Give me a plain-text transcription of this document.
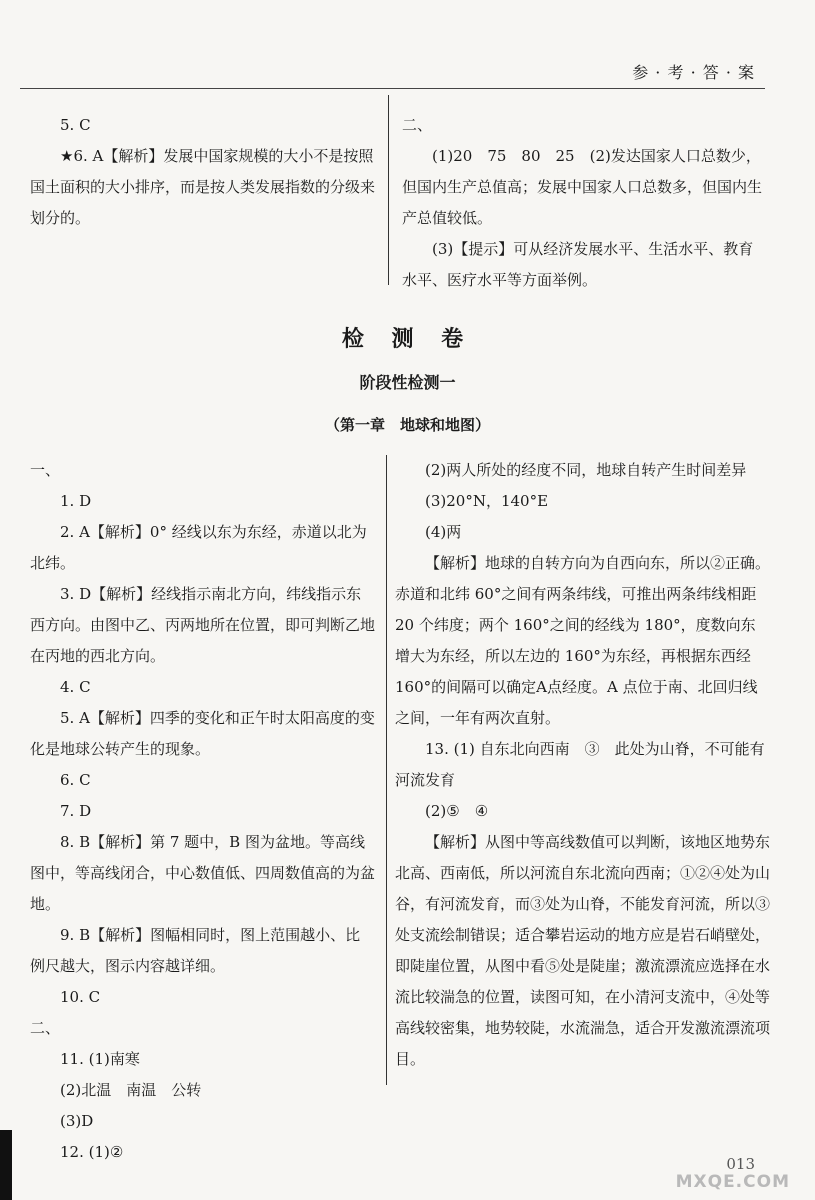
参 · 考 · 答 · 案

5. C

★6. A【解析】发展中国家规模的大小不是按照国土面积的大小排序，而是按人类发展指数的分级来划分的。

二、

(1)20　75　80　25　(2)发达国家人口总数少，但国内生产总值高；发展中国家人口总数多，但国内生产总值较低。

(3)【提示】可从经济发展水平、生活水平、教育水平、医疗水平等方面举例。

检 测 卷
阶段性检测一
（第一章　地球和地图）

一、

1. D

2. A【解析】0° 经线以东为东经，赤道以北为北纬。

3. D【解析】经线指示南北方向，纬线指示东西方向。由图中乙、丙两地所在位置，即可判断乙地在丙地的西北方向。

4. C

5. A【解析】四季的变化和正午时太阳高度的变化是地球公转产生的现象。

6. C

7. D

8. B【解析】第 7 题中，B 图为盆地。等高线图中，等高线闭合，中心数值低、四周数值高的为盆地。

9. B【解析】图幅相同时，图上范围越小、比例尺越大，图示内容越详细。

10. C

二、

11. (1)南寒

(2)北温　南温　公转

(3)D

12. (1)②

(2)两人所处的经度不同，地球自转产生时间差异

(3)20°N，140°E

(4)两

【解析】地球的自转方向为自西向东，所以②正确。赤道和北纬 60°之间有两条纬线，可推出两条纬线相距 20 个纬度；两个 160°之间的经线为 180°，度数向东增大为东经，所以左边的 160°为东经，再根据东西经160°的间隔可以确定A点经度。A 点位于南、北回归线之间，一年有两次直射。

13. (1) 自东北向西南　③　此处为山脊，不可能有河流发育

(2)⑤　④

【解析】从图中等高线数值可以判断，该地区地势东北高、西南低，所以河流自东北流向西南；①②④处为山谷，有河流发育，而③处为山脊，不能发育河流，所以③处支流绘制错误；适合攀岩运动的地方应是岩石峭壁处，即陡崖位置，从图中看⑤处是陡崖；激流漂流应选择在水流比较湍急的位置，读图可知，在小清河支流中，④处等高线较密集，地势较陡，水流湍急，适合开发激流漂流项目。

013
MXQE.COM
